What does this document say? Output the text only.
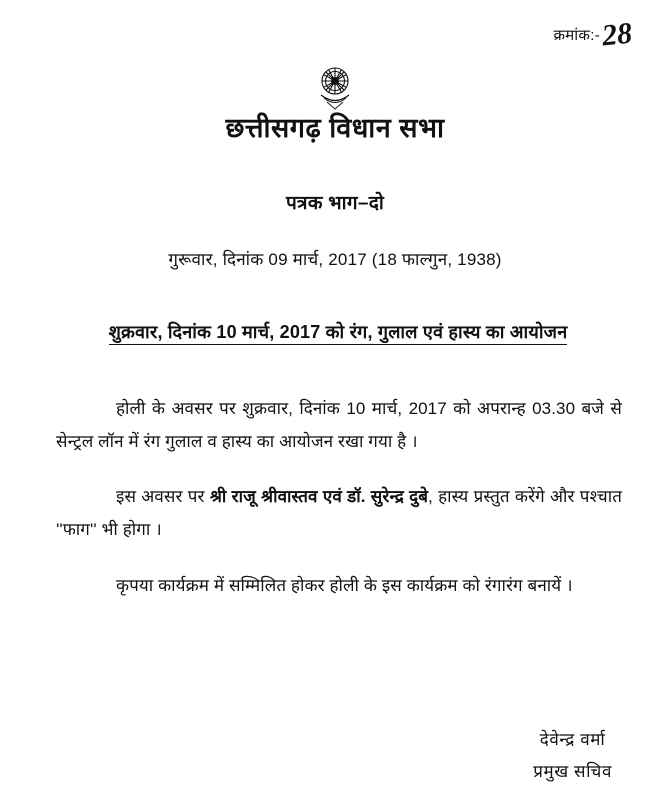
क्रमांक:- 28
छत्तीसगढ़ विधान सभा
पत्रक भाग–दो
गुरूवार, दिनांक 09 मार्च, 2017 (18 फाल्गुन, 1938)
शुक्रवार, दिनांक 10 मार्च, 2017 को रंग, गुलाल एवं हास्य का आयोजन

होली के अवसर पर शुक्रवार, दिनांक 10 मार्च, 2017 को अपरान्ह 03.30 बजे से सेन्ट्रल लॉन में रंग गुलाल व हास्य का आयोजन रखा गया है ।

इस अवसर पर श्री राजू श्रीवास्तव एवं डॉ. सुरेन्द्र दुबे, हास्य प्रस्तुत करेंगे और पश्चात ''फाग'' भी होगा ।

कृपया कार्यक्रम में सम्मिलित होकर होली के इस कार्यक्रम को रंगारंग बनायें ।

देवेन्द्र वर्मा
प्रमुख सचिव
